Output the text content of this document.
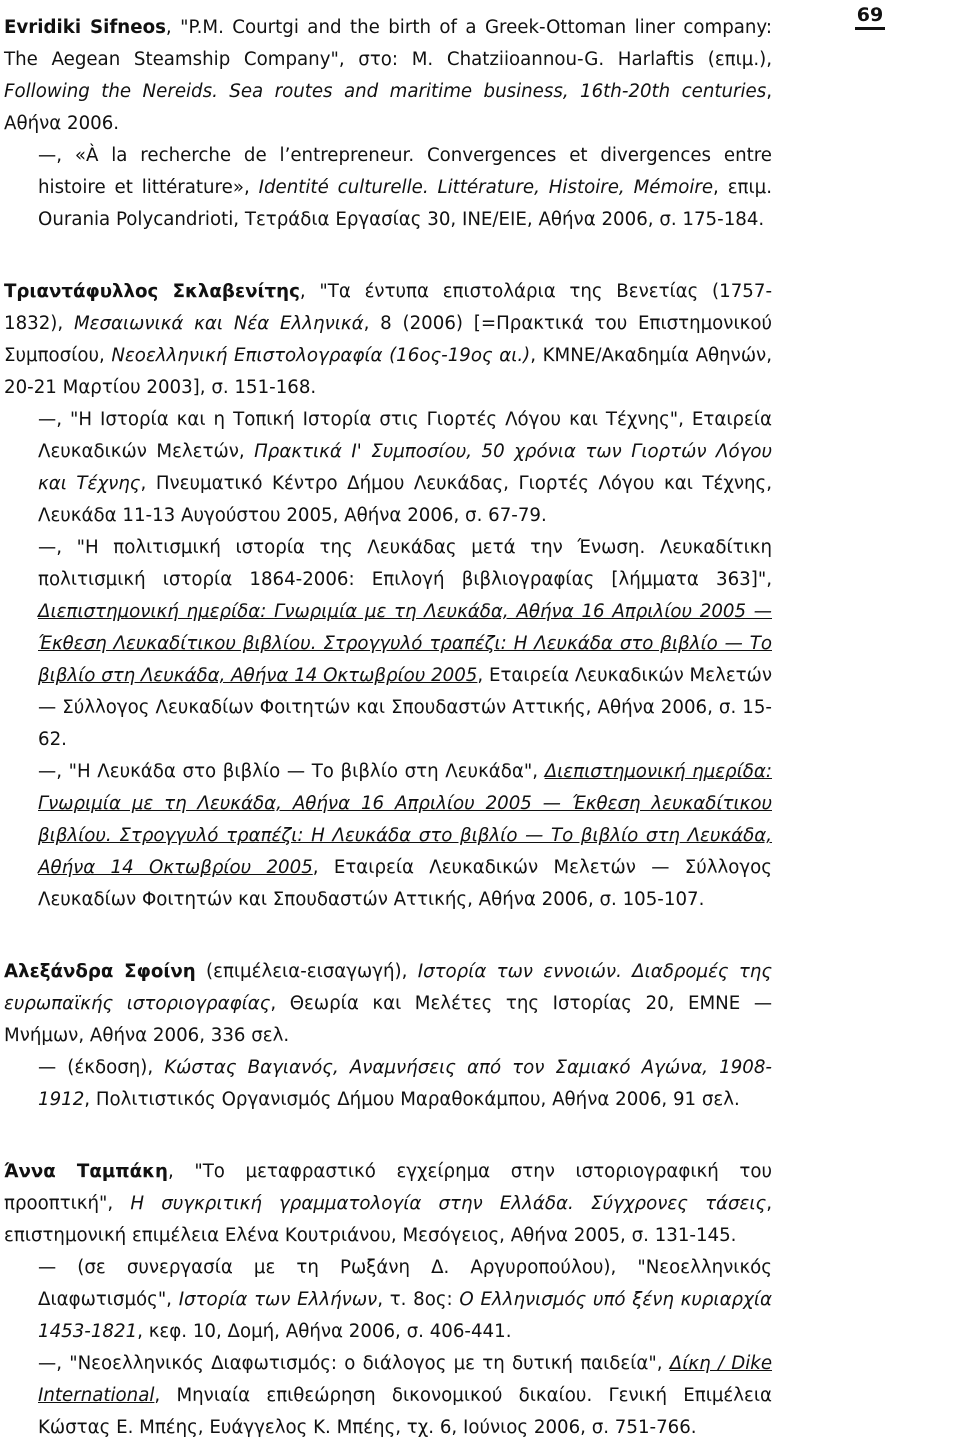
69

Evridiki Sifneos, "P.M. Courtgi and the birth of a Greek-Ottoman liner company: The Aegean Steamship Company", στο: M. Chatziioannou-G. Harlaftis (επιμ.), Following the Nereids. Sea routes and maritime business, 16th-20th centuries, Αθήνα 2006.

—, «À la recherche de l’entrepreneur. Convergences et divergences entre histoire et littérature», Identité culturelle. Littérature, Histoire, Mémoire, επιμ. Ourania Polycandrioti, Τετράδια Εργασίας 30, ΙΝΕ/ΕΙΕ, Αθήνα 2006, σ. 175-184.

Τριαντάφυλλος Σκλαβενίτης, "Τα έντυπα επιστολάρια της Βενετίας (1757-1832), Μεσαιωνικά και Νέα Ελληνικά, 8 (2006) [=Πρακτικά του Επιστημονικού Συμποσίου, Νεοελληνική Επιστολογραφία (16ος-19ος αι.), ΚΜΝΕ/Ακαδημία Αθηνών, 20-21 Μαρτίου 2003], σ. 151-168.

—, "Η Ιστορία και η Τοπική Ιστορία στις Γιορτές Λόγου και Τέχνης", Εταιρεία Λευκαδικών Μελετών, Πρακτικά Ι' Συμποσίου, 50 χρόνια των Γιορτών Λόγου και Τέχνης, Πνευματικό Κέντρο Δήμου Λευκάδας, Γιορτές Λόγου και Τέχνης, Λευκάδα 11-13 Αυγούστου 2005, Αθήνα 2006, σ. 67-79.

—, "Η πολιτισμική ιστορία της Λευκάδας μετά την Ένωση. Λευκαδίτικη πολιτισμική ιστορία 1864-2006: Επιλογή βιβλιογραφίας [λήμματα 363]", Διεπιστημονική ημερίδα: Γνωριμία με τη Λευκάδα, Αθήνα 16 Απριλίου 2005 — Έκθεση Λευκαδίτικου βιβλίου. Στρογγυλό τραπέζι: Η Λευκάδα στο βιβλίο — Το βιβλίο στη Λευκάδα, Αθήνα 14 Οκτωβρίου 2005, Εταιρεία Λευκαδικών Μελετών — Σύλλογος Λευκαδίων Φοιτητών και Σπουδαστών Αττικής, Αθήνα 2006, σ. 15-62.

—, "Η Λευκάδα στο βιβλίο — Το βιβλίο στη Λευκάδα", Διεπιστημονική ημερίδα: Γνωριμία με τη Λευκάδα, Αθήνα 16 Απριλίου 2005 — Έκθεση λευκαδίτικου βιβλίου. Στρογγυλό τραπέζι: Η Λευκάδα στο βιβλίο — Το βιβλίο στη Λευκάδα, Αθήνα 14 Οκτωβρίου 2005, Εταιρεία Λευκαδικών Μελετών — Σύλλογος Λευκαδίων Φοιτητών και Σπουδαστών Αττικής, Αθήνα 2006, σ. 105-107.

Αλεξάνδρα Σφοίνη (επιμέλεια-εισαγωγή), Ιστορία των εννοιών. Διαδρομές της ευρωπαϊκής ιστοριογραφίας, Θεωρία και Μελέτες της Ιστορίας 20, ΕΜΝΕ — Μνήμων, Αθήνα 2006, 336 σελ.

— (έκδοση), Κώστας Βαγιανός, Αναμνήσεις από τον Σαμιακό Αγώνα, 1908-1912, Πολιτιστικός Οργανισμός Δήμου Μαραθοκάμπου, Αθήνα 2006, 91 σελ.

Άννα Ταμπάκη, "Το μεταφραστικό εγχείρημα στην ιστοριογραφική του προοπτική", Η συγκριτική γραμματολογία στην Ελλάδα. Σύγχρονες τάσεις, επιστημονική επιμέλεια Ελένα Κουτριάνου, Μεσόγειος, Αθήνα 2005, σ. 131-145.

— (σε συνεργασία με τη Ρωξάνη Δ. Αργυροπούλου), "Νεοελληνικός Διαφωτισμός", Ιστορία των Ελλήνων, τ. 8ος: Ο Ελληνισμός υπό ξένη κυριαρχία 1453-1821, κεφ. 10, Δομή, Αθήνα 2006, σ. 406-441.

—, "Νεοελληνικός Διαφωτισμός: ο διάλογος με τη δυτική παιδεία", Δίκη / Dike International, Μηνιαία επιθεώρηση δικονομικού δικαίου. Γενική Επιμέλεια Κώστας Ε. Μπέης, Ευάγγελος Κ. Μπέης, τχ. 6, Ιούνιος 2006, σ. 751-766.
